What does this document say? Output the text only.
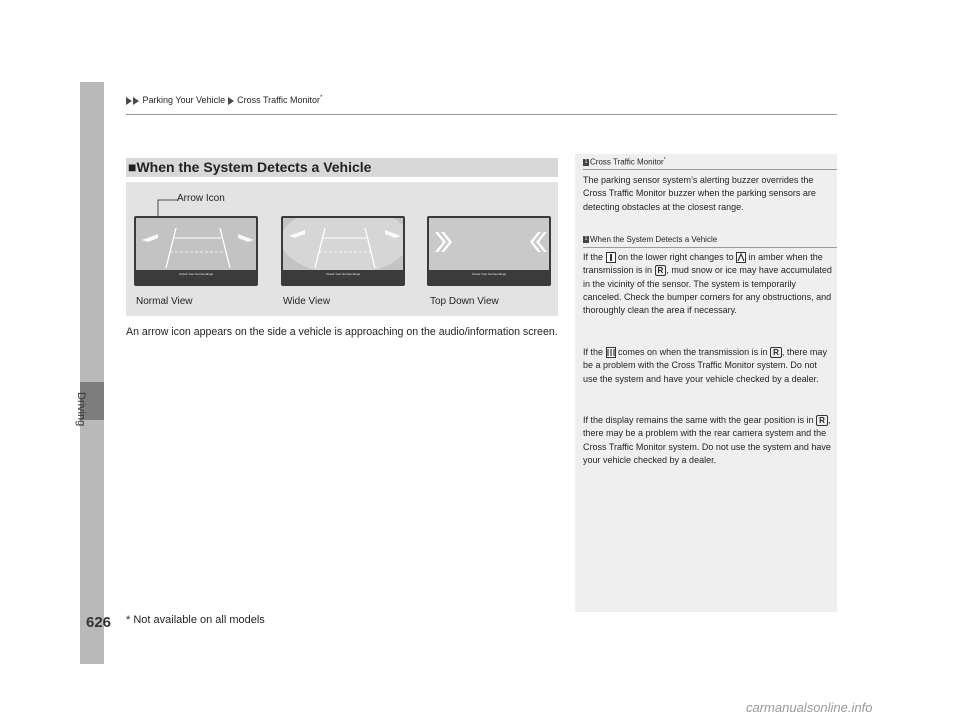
Driving
626
Parking Your Vehicle Cross Traffic Monitor*
■When the System Detects a Vehicle
Arrow Icon
Check Your Surroundings	Check Your Surroundings	Check Your Surroundings
Normal View	Wide View	Top Down View
An arrow icon appears on the side a vehicle is approaching on the audio/information screen.
1 Cross Traffic Monitor*
The parking sensor system’s alerting buzzer overrides the Cross Traffic Monitor buzzer when the parking sensors are detecting obstacles at the closest range.
1 When the System Detects a Vehicle
If the on the lower right changes to in amber when the transmission is in R , mud snow or ice may have accumulated in the vicinity of the sensor. The system is temporarily canceled. Check the bumper corners for any obstructions, and thoroughly clean the area if necessary.
If the comes on when the transmission is in R , there may be a problem with the Cross Traffic Monitor system. Do not use the system and have your vehicle checked by a dealer.
If the display remains the same with the gear position is in R , there may be a problem with the rear camera system and the Cross Traffic Monitor system. Do not use the system and have your vehicle checked by a dealer.
* Not available on all models
carmanualsonline.info
